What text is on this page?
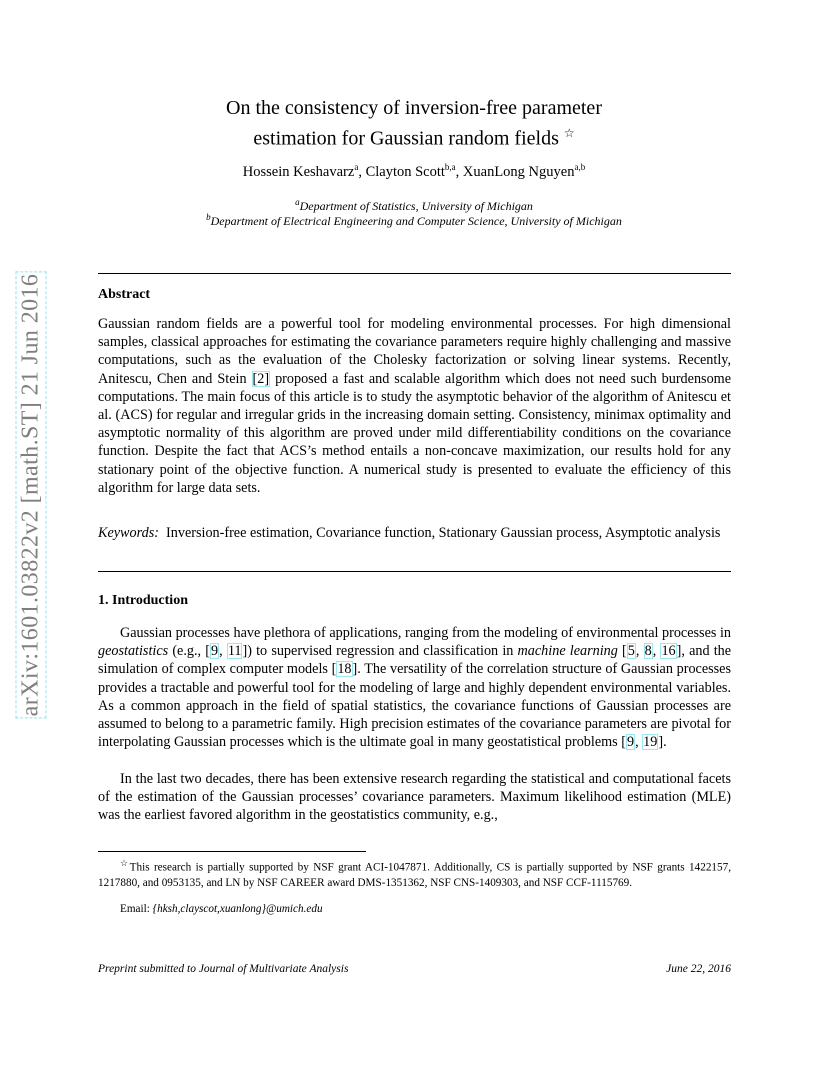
arXiv:1601.03822v2 [math.ST] 21 Jun 2016
On the consistency of inversion-free parameter
estimation for Gaussian random fields ☆
Hossein Keshavarz$^a$, Clayton Scott$^{b,a}$, XuanLong Nguyen$^{a,b}$
$^a$Department of Statistics, University of Michigan
$^b$Department of Electrical Engineering and Computer Science, University of Michigan
Abstract
Gaussian random fields are a powerful tool for modeling environmental processes. For high dimensional samples, classical approaches for estimating the covariance parameters require highly challenging and massive computations, such as the evaluation of the Cholesky factorization or solving linear systems. Recently, Anitescu, Chen and Stein [2] proposed a fast and scalable algorithm which does not need such burdensome computations. The main focus of this article is to study the asymptotic behavior of the algorithm of Anitescu et al. (ACS) for regular and irregular grids in the increasing domain setting. Consistency, minimax optimality and asymptotic normality of this algorithm are proved under mild differentiability conditions on the covariance function. Despite the fact that ACS’s method entails a non-concave maximization, our results hold for any stationary point of the objective function. A numerical study is presented to evaluate the efficiency of this algorithm for large data sets.
Keywords: Inversion-free estimation, Covariance function, Stationary Gaussian process, Asymptotic analysis
1. Introduction
Gaussian processes have plethora of applications, ranging from the modeling of environmental processes in geostatistics (e.g., [9, 11]) to supervised regression and classification in machine learning [5, 8, 16], and the simulation of complex computer models [18]. The versatility of the correlation structure of Gaussian processes provides a tractable and powerful tool for the modeling of large and highly dependent environmental variables. As a common approach in the field of spatial statistics, the covariance functions of Gaussian processes are assumed to belong to a parametric family. High precision estimates of the covariance parameters are pivotal for interpolating Gaussian processes which is the ultimate goal in many geostatistical problems [9, 19].
In the last two decades, there has been extensive research regarding the statistical and computational facets of the estimation of the Gaussian processes’ covariance parameters. Maximum likelihood estimation (MLE) was the earliest favored algorithm in the geostatistics community, e.g.,
☆This research is partially supported by NSF grant ACI-1047871. Additionally, CS is partially supported by NSF grants 1422157, 1217880, and 0953135, and LN by NSF CAREER award DMS-1351362, NSF CNS-1409303, and NSF CCF-1115769.
Email: {hksh,clayscot,xuanlong}@umich.edu
Preprint submitted to Journal of Multivariate Analysis	June 22, 2016
